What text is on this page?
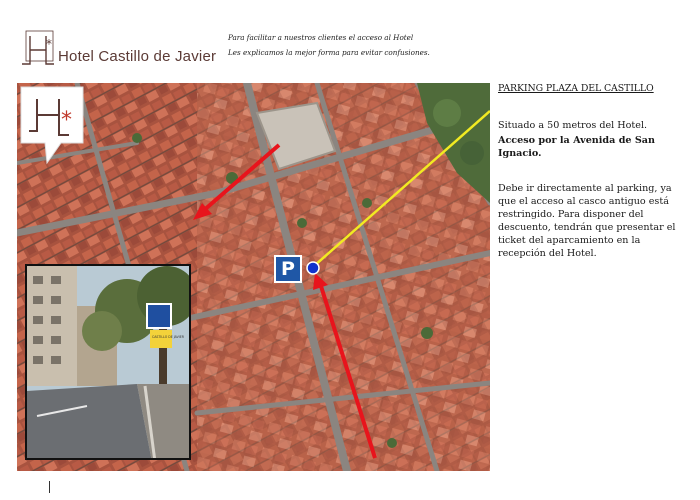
*
Hotel Castillo de Javier
Para facilitar a nuestros clientes el acceso al Hotel
Les explicamos la mejor forma para evitar confusiones.
*
P
CASTILLO DE JAVIER
PARKING PLAZA DEL CASTILLO
Situado a 50 metros del Hotel.
Acceso por la Avenida de San Ignacio.
Debe ir directamente al parking, ya que el acceso al casco antiguo está restringido. Para disponer del descuento, tendrán que presentar el ticket del aparcamiento en la recepción del Hotel.
